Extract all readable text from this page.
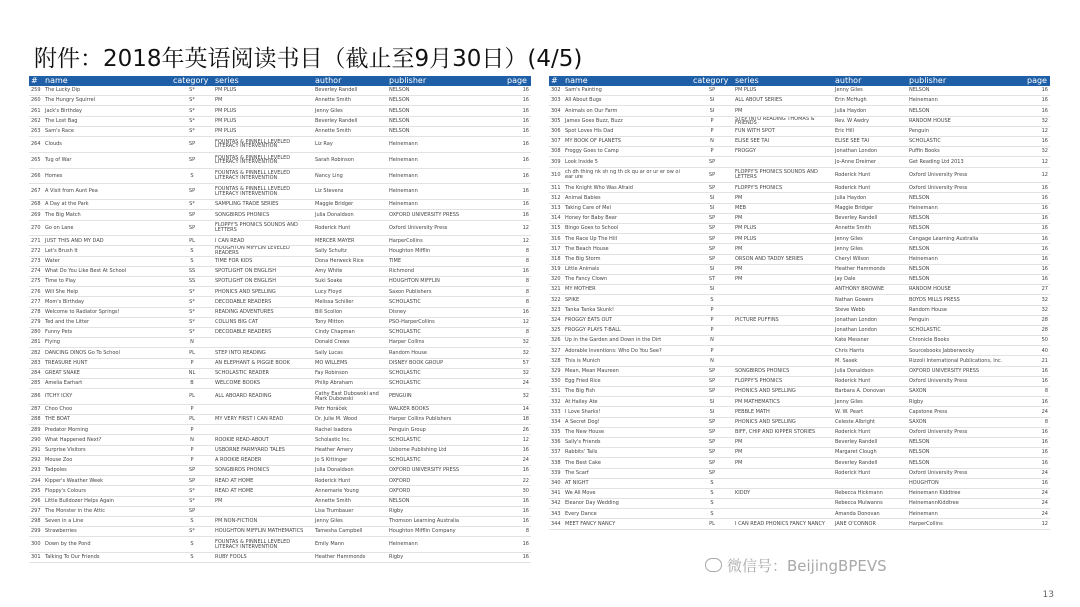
附件：2018年英语阅读书目（截止至9月30日）(4/5)
#	name	category	series	author	publisher	page
259	The Lucky Dip	S*	PM PLUS	Beverley Randell	NELSON	16
260	The Hungry Squirrel	S*	PM	Annette Smith	NELSON	16
261	Jack's Birthday	S*	PM PLUS	Jenny Giles	NELSON	16
262	The Lost Bag	S*	PM PLUS	Beverley Randell	NELSON	16
263	Sam's Race	S*	PM PLUS	Annette Smith	NELSON	16
264	Clouds	SP	FOUNTAS & PINNELL LEVELED LITERACY INTERVENTION	Liz Ray	Heinemann	16
265	Tug of War	SP	FOUNTAS & PINNELL LEVELED LITERACY INTERVENTION	Sarah Robinson	Heinemann	16
266	Homes	S	FOUNTAS & PINNELL LEVELED LITERACY INTERVENTION	Nancy Ling	Heinemann	16
267	A Visit from Aunt Pea	SP	FOUNTAS & PINNELL LEVELED LITERACY INTERVENTION	Liz Stevens	Heinemann	16
268	A Day at the Park	S*	SAMPLING TRADE SERIES	Maggie Bridger	Heinemann	16
269	The Big Match	SP	SONGBIRDS PHONICS	Julia Donaldson	OXFORD UNIVERSITY PRESS	16
270	Go on Lane	SP	FLOPPY'S PHONICS SOUNDS AND LETTERS	Roderick Hunt	Oxford University Press	12
271	JUST THIS AND MY DAD	PL	I CAN READ	MERCER MAYER	HarperCollins	12
272	Let's Brush It	S	HOUGHTON MIFFLIN LEVELED READERS	Sally Schultz	Houghton Mifflin	8
273	Water	S	TIME FOR KIDS	Dona Herweck Rice	TIME	8
274	What Do You Like Best At School	SS	SPOTLIGHT ON ENGLISH	Amy White	Richmond	16
275	Time to Play	SS	SPOTLIGHT ON ENGLISH	Suki Soake	HOUGHTON MIFFLIN	8
276	Will She Help	S*	PHONICS AND SPELLING	Lucy Floyd	Saxon Publishers	8
277	Mom's Birthday	S*	DECODABLE READERS	Melissa Schiller	SCHOLASTIC	8
278	Welcome to Radiator Springs!	S*	READING ADVENTURES	Bill Scollon	Disney	16
279	Ted and the Litter	S*	COLLINS BIG CAT	Tony Mitton	PSO-HarperCollins	12
280	Funny Pets	S*	DECODABLE READERS	Cindy Chapman	SCHOLASTIC	8
281	Flying	N		Donald Crews	Harper Collins	32
282	DANCING DINOS Go To School	PL	STEP INTO READING	Sally Lucas	Random House	32
283	TREASURE HUNT	P	AN ELEPHANT & PIGGIE BOOK	MO WILLEMS	DISNEY BOOK GROUP	57
284	GREAT SNAKE	NL	SCHOLASTIC READER	Fay Robinson	SCHOLASTIC	32
285	Amelia Earhart	B	WELCOME BOOKS	Philip Abraham	SCHOLASTIC	24
286	ITCHY ICKY	PL	ALL ABOARD READING	Cathy East Dubowski and Mark Dubowski	PENGUIN	32
287	Choo Choo	P		Petr Horáček	WALKER BOOKS	14
288	THE BOAT	PL	MY VERY FIRST I CAN READ	Dr. Julie M. Wood	Harper Collins Publishers	18
289	Predator Morning	P		Rachel Isadora	Penguin Group	26
290	What Happened Next?	N	ROOKIE READ-ABOUT	Scholastic Inc.	SCHOLASTIC	12
291	Surprise Visitors	P	USBORNE FARMYARD TALES	Heather Amery	Usborne Publishing Ltd	16
292	Mouse Zoo	P	A ROOKIE READER	Jo S Kittinger	SCHOLASTIC	24
293	Tadpoles	SP	SONGBIRDS PHONICS	Julia Donaldson	OXFORD UNIVERSITY PRESS	16
294	Kipper's Weather Week	SP	READ AT HOME	Roderick Hunt	OXFORD	22
295	Floppy's Colours	S*	READ AT HOME	Annemarie Young	OXFORD	30
296	Little Bulldozer Helps Again	S*	PM	Annette Smith	NELSON	16
297	The Monster in the Attic	SP		Lisa Trumbauer	Rigby	16
298	Seven in a Line	S	PM NON-FICTION	Jenny Giles	Thomson Learning Australia	16
299	Strawberries	S*	HOUGHTON MIFFLIN MATHEMATICS	Tamesha Campbell	Houghton Mifflin Company	8
300	Down by the Pond	S	FOUNTAS & PINNELL LEVELED LITERACY INTERVENTION	Emily Mann	Heinemann	16
301	Talking To Our Friends	S	RUBY FOOLS	Heather Hammonds	Rigby	16
#	name	category	series	author	publisher	page
302	Sam's Painting	SP	PM PLUS	Jenny Giles	NELSON	16
303	All About Bugs	SI	ALL ABOUT SERIES	Erin McHugh	Heinemann	16
304	Animals on Our Farm	SI	PM	Julia Haydon	NELSON	16
305	James Goes Buzz, Buzz	P	STEP INTO READING THOMAS & FRIENDS	Rev. W Awdry	RANDOM HOUSE	32
306	Spot Loves His Dad	P	FUN WITH SPOT	Eric Hill	Penguin	12
307	MY BOOK OF PLANETS	N	ELISE SEE TAI	ELISE SEE TAI	SCHOLASTIC	16
308	Froggy Goes to Camp	P	FROGGY	Jonathan London	Puffin Books	32
309	Look Inside 5	SP		Jo-Anne Dreimer	Get Reading Ltd 2013	12
310	ch dh thing nk sh ng th ck qu ar or ur er ow oi ear ure	SP	FLOPPY'S PHONICS SOUNDS AND LETTERS	Roderick Hunt	Oxford University Press	12
311	The Knight Who Was Afraid	SP	FLOPPY'S PHONICS	Roderick Hunt	Oxford University Press	16
312	Animal Babies	SI	PM	Julia Haydon	NELSON	16
313	Taking Care of Mel	SI	MEB	Maggie Bridger	Heinemann	16
314	Honey for Baby Bear	SP	PM	Beverley Randell	NELSON	16
315	Bingo Goes to School	SP	PM PLUS	Annette Smith	NELSON	16
316	The Race Up The Hill	SP	PM PLUS	Jenny Giles	Cengage Learning Australia	16
317	The Beach House	SP	PM	Jenny Giles	NELSON	16
318	The Big Storm	SP	ORSON AND TADDY SERIES	Cheryl Wilson	Heinemann	16
319	Little Animals	SI	PM	Heather Hammonds	NELSON	16
320	The Fancy Clown	ST	PM	Jay Dale	NELSON	16
321	MY MOTHER	SI		ANTHONY BROWNE	RANDOM HOUSE	27
322	SPIKE	S		Nathan Gowers	BOYDS MILLS PRESS	32
323	Tanka Tanka Skunk!	P		Steve Webb	Random House	32
324	FROGGY EATS OUT	P	PICTURE PUFFINS	Jonathan London	Penguin	28
325	FROGGY PLAYS T-BALL	P		Jonathan London	SCHOLASTIC	28
326	Up in the Garden and Down in the Dirt	N		Kate Messner	Chronicle Books	50
327	Adorable Inventions: Who Do You See?	P		Chris Harris	Sourcebooks Jabberwocky	40
328	This is Munich	N		M. Sasek	Rizzoli International Publications, Inc.	21
329	Mean, Mean Maureen	SP	SONGBIRDS PHONICS	Julia Donaldson	OXFORD UNIVERSITY PRESS	16
330	Egg Fried Rice	SP	FLOPPY'S PHONICS	Roderick Hunt	Oxford University Press	16
331	The Big Fish	SP	PHONICS AND SPELLING	Barbara A. Donovan	SAXON	8
332	At Hailey Ate	SI	PM MATHEMATICS	Jenny Giles	Rigby	16
333	I Love Sharks!	SI	PEBBLE MATH	W. W. Peart	Capstone Press	24
334	A Secret Dog!	SP	PHONICS AND SPELLING	Celeste Albright	SAXON	8
335	The New House	SP	BIFF, CHIP AND KIPPER STORIES	Roderick Hunt	Oxford University Press	16
336	Sally's Friends	SP	PM	Beverley Randell	NELSON	16
337	Rabbits' Tails	SP	PM	Margaret Clough	NELSON	16
338	The Best Cake	SP	PM	Beverley Randell	NELSON	16
339	The Scarf	SP		Roderick Hunt	Oxford University Press	24
340	AT NIGHT	S			HOUGHTON	16
341	We All Move	S	KIDDY	Rebecca Hickmann	Heinemann Kiddtree	24
342	Eleanor Day Wedding	S		Rebecca Mulwanns	HeinemannKiddtree	24
343	Every Dance	S		Amanda Donovan	Heinemann	24
344	MEET FANCY NANCY	PL	I CAN READ PHONICS FANCY NANCY	JANE O'CONNOR	HarperCollins	12
微信号：BeijingBPEVS
13
